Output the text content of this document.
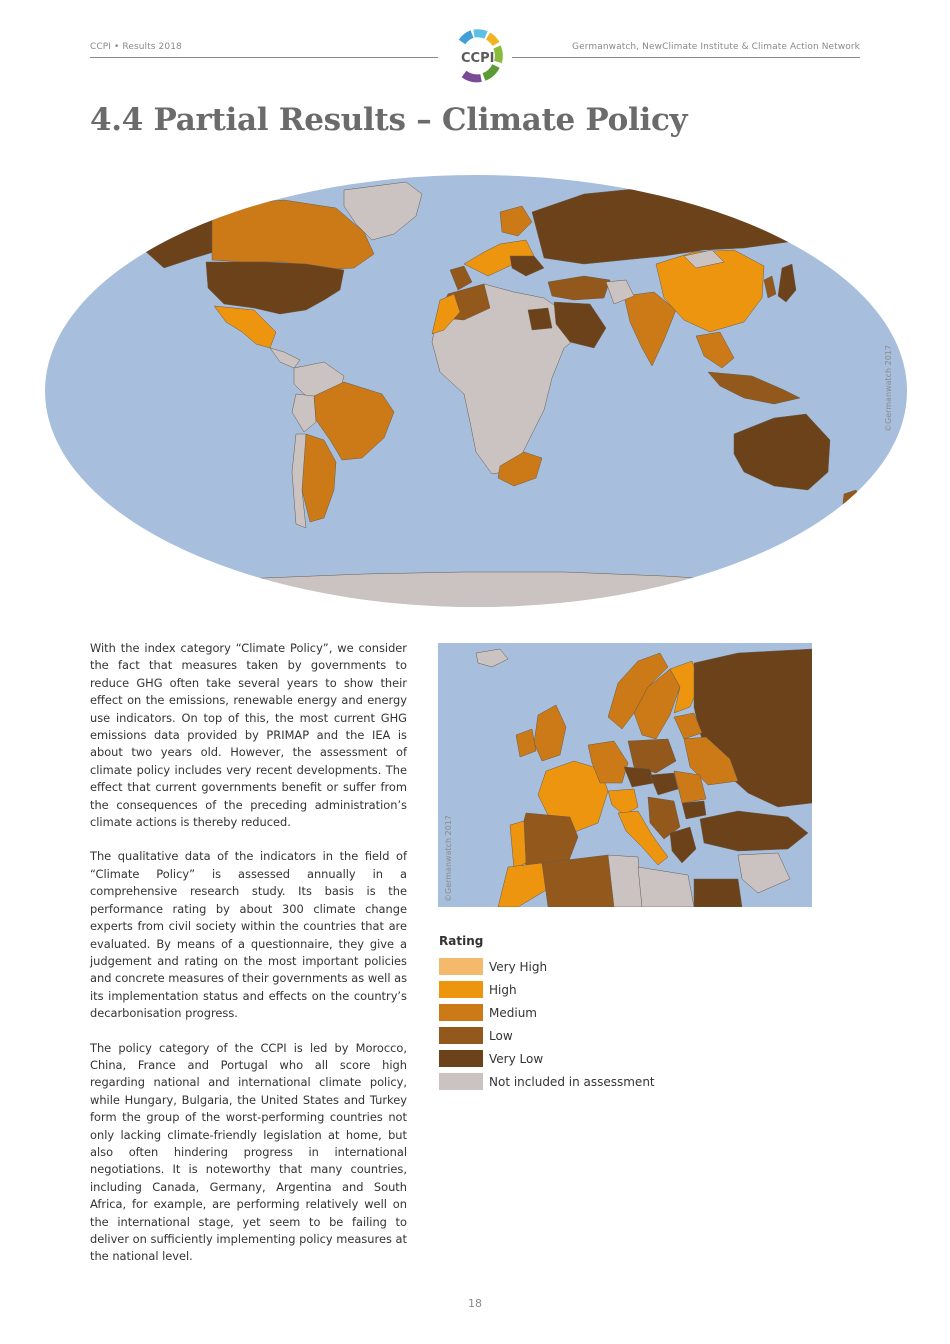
CCPI • Results 2018	Germanwatch, NewClimate Institute & Climate Action Network
CCPI
4.4 Partial Results – Climate Policy
©Germanwatch 2017

With the index category “Climate Policy”, we consider the fact that measures taken by governments to reduce GHG often take several years to show their effect on the emissions, renewable energy and energy use indicators. On top of this, the most current GHG emissions data provided by PRIMAP and the IEA is about two years old. However, the assessment of climate policy includes very recent developments. The effect that current governments benefit or suffer from the consequences of the preceding administration’s climate actions is thereby reduced.

The qualitative data of the indicators in the field of “Climate Policy” is assessed annually in a comprehensive research study. Its basis is the performance rating by about 300 climate change experts from civil society within the countries that are evaluated. By means of a questionnaire, they give a judgement and rating on the most important policies and concrete measures of their governments as well as its implementation status and effects on the country’s decarbonisation progress.

The policy category of the CCPI is led by Morocco, China, France and Portugal who all score high regarding national and international climate policy, while Hungary, Bulgaria, the United States and Turkey form the group of the worst-performing countries not only lacking climate-friendly legislation at home, but also often hindering progress in international negotiations. It is noteworthy that many countries, including Canada, Germany, Argentina and South Africa, for example, are performing relatively well on the international stage, yet seem to be failing to deliver on sufficiently implementing policy measures at the national level.

©Germanwatch 2017
Rating
Very High
High
Medium
Low
Very Low
Not included in assessment
18
